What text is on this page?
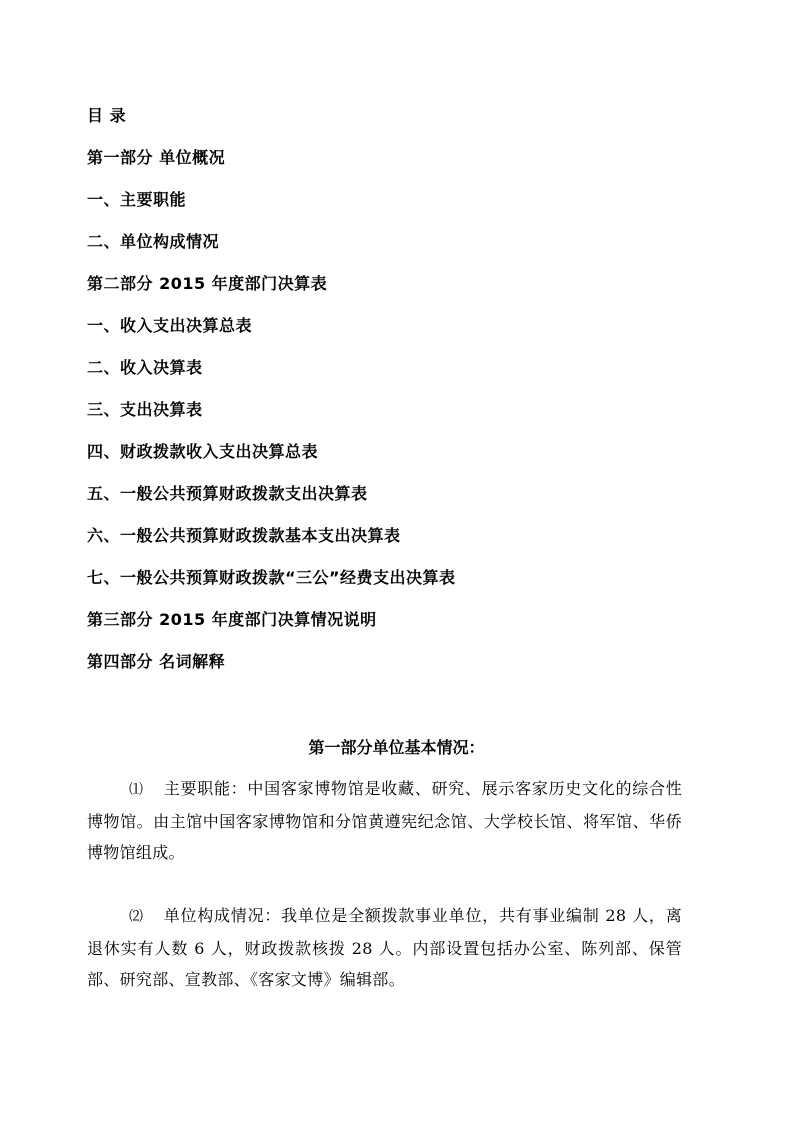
目 录
第一部分 单位概况
一、主要职能
二、单位构成情况
第二部分 2015 年度部门决算表
一、收入支出决算总表
二、收入决算表
三、支出决算表
四、财政拨款收入支出决算总表
五、一般公共预算财政拨款支出决算表
六、一般公共预算财政拨款基本支出决算表
七、一般公共预算财政拨款“三公”经费支出决算表
第三部分 2015 年度部门决算情况说明
第四部分 名词解释
第一部分单位基本情况：
⑴ 主要职能：中国客家博物馆是收藏、研究、展示客家历史文化的综合性博物馆。由主馆中国客家博物馆和分馆黄遵宪纪念馆、大学校长馆、将军馆、华侨博物馆组成。
⑵ 单位构成情况：我单位是全额拨款事业单位，共有事业编制 28 人，离退休实有人数 6 人，财政拨款核拨 28 人。内部设置包括办公室、陈列部、保管部、研究部、宣教部、《客家文博》编辑部。
